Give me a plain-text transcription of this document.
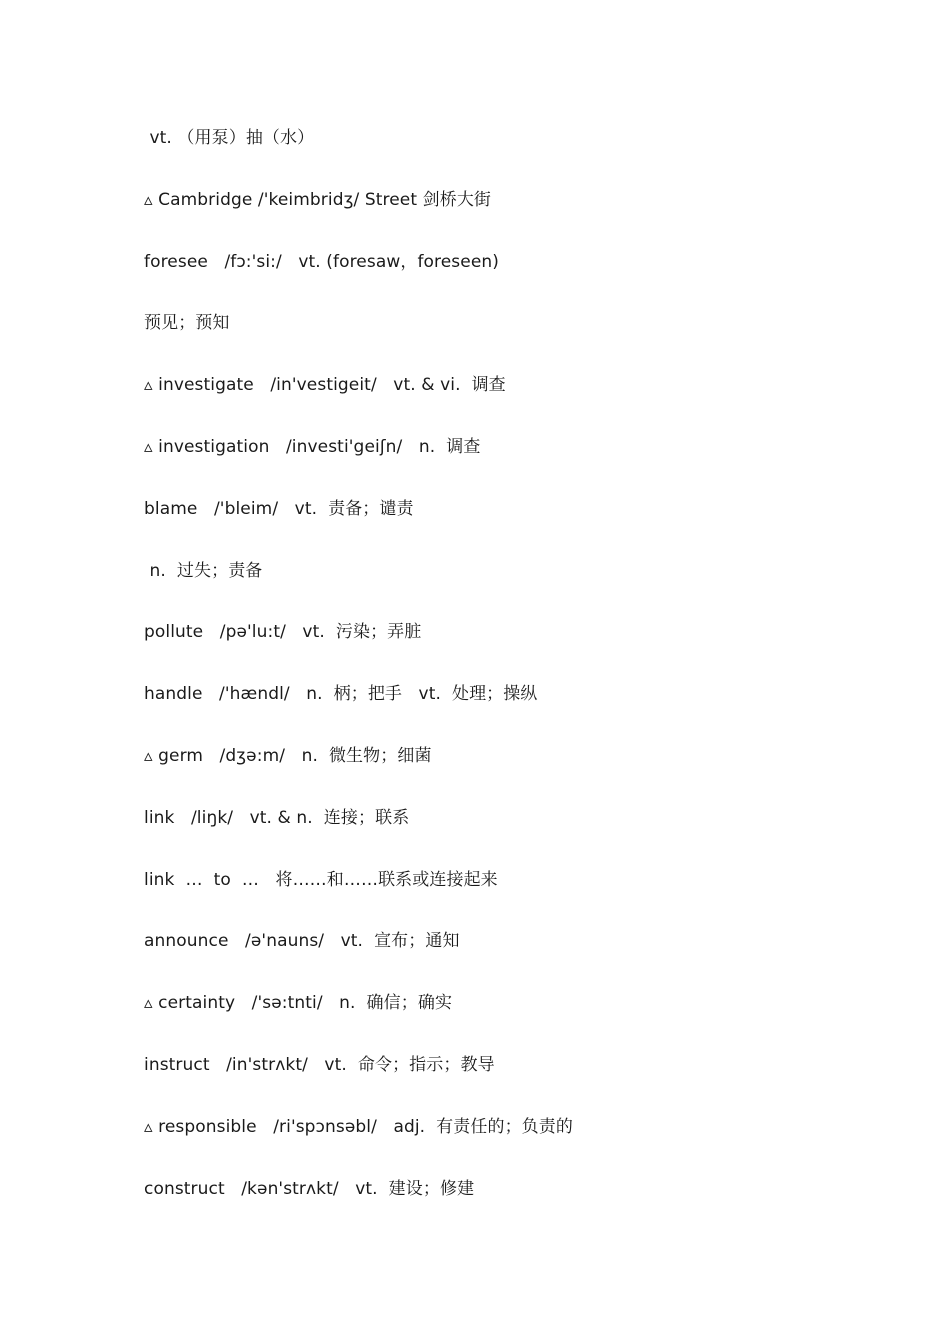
vt. （用泵）抽（水）
▵ Cambridge /'keimbridʒ/ Street 剑桥大街
foresee   /fɔ:'si:/   vt. (foresaw，foreseen)
预见；预知
▵ investigate   /in'vestigeit/   vt. & vi.  调查
▵ investigation   /investi'geiʃn/   n.  调查
blame   /'bleim/   vt.  责备；谴责
n.  过失；责备
pollute   /pə'lu:t/   vt.  污染；弄脏
handle   /'hændl/   n.  柄；把手   vt.  处理；操纵
▵ germ   /dʒə:m/   n.  微生物；细菌
link   /liŋk/   vt. & n.  连接；联系
link  …  to  …   将……和……联系或连接起来
announce   /ə'nauns/   vt.  宣布；通知
▵ certainty   /'sə:tnti/   n.  确信；确实
instruct   /in'strʌkt/   vt.  命令；指示；教导
▵ responsible   /ri'spɔnsəbl/   adj.  有责任的；负责的
construct   /kən'strʌkt/   vt.  建设；修建
